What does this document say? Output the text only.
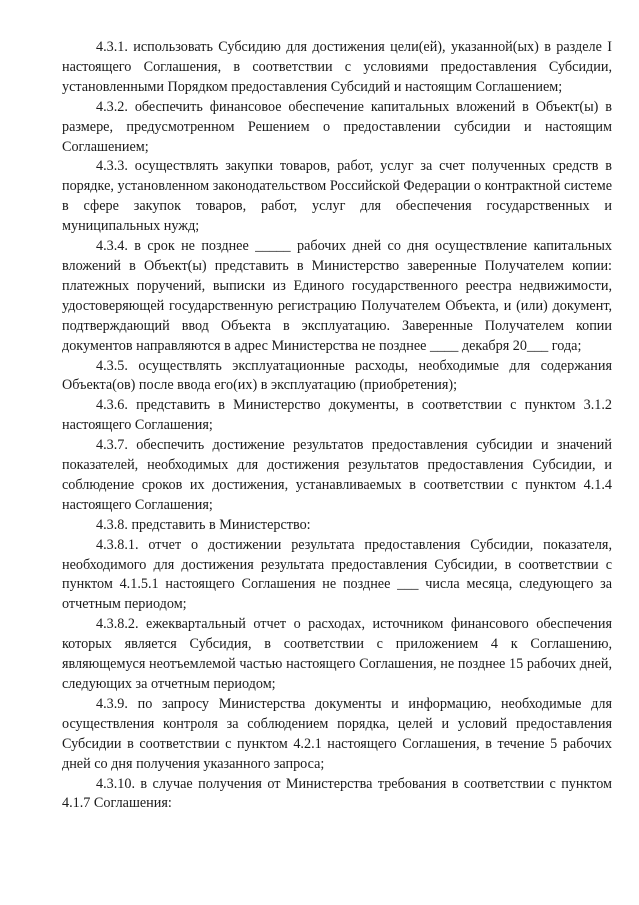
4.3.1. использовать Субсидию для достижения цели(ей), указанной(ых) в разделе I настоящего Соглашения, в соответствии с условиями предоставления Субсидии, установленными Порядком предоставления Субсидий и настоящим Соглашением;

4.3.2. обеспечить финансовое обеспечение капитальных вложений в Объект(ы) в размере, предусмотренном Решением о предоставлении субсидии и настоящим Соглашением;

4.3.3. осуществлять закупки товаров, работ, услуг за счет полученных средств в порядке, установленном законодательством Российской Федерации о контрактной системе в сфере закупок товаров, работ, услуг для обеспечения государственных и муниципальных нужд;

4.3.4. в срок не позднее _____ рабочих дней со дня осуществление капитальных вложений в Объект(ы) представить в Министерство заверенные Получателем копии: платежных поручений, выписки из Единого государственного реестра недвижимости, удостоверяющей государственную регистрацию Получателем Объекта, и (или) документ, подтверждающий ввод Объекта в эксплуатацию. Заверенные Получателем копии документов направляются в адрес Министерства не позднее ____ декабря 20___ года;

4.3.5. осуществлять эксплуатационные расходы, необходимые для содержания Объекта(ов) после ввода его(их) в эксплуатацию (приобретения);

4.3.6. представить в Министерство документы, в соответствии с пунктом 3.1.2 настоящего Соглашения;

4.3.7. обеспечить достижение результатов предоставления субсидии и значений показателей, необходимых для достижения результатов предоставления Субсидии, и соблюдение сроков их достижения, устанавливаемых в соответствии с пунктом 4.1.4 настоящего Соглашения;

4.3.8. представить в Министерство:

4.3.8.1. отчет о достижении результата предоставления Субсидии, показателя, необходимого для достижения результата предоставления Субсидии, в соответствии с пунктом 4.1.5.1 настоящего Соглашения не позднее ___ числа месяца, следующего за отчетным периодом;

4.3.8.2. ежеквартальный отчет о расходах, источником финансового обеспечения которых является Субсидия, в соответствии с приложением 4 к Соглашению, являющемуся неотъемлемой частью настоящего Соглашения, не позднее 15 рабочих дней, следующих за отчетным периодом;

4.3.9. по запросу Министерства документы и информацию, необходимые для осуществления контроля за соблюдением порядка, целей и условий предоставления Субсидии в соответствии с пунктом 4.2.1 настоящего Соглашения, в течение 5 рабочих дней со дня получения указанного запроса;

4.3.10. в случае получения от Министерства требования в соответствии с пунктом 4.1.7 Соглашения:
